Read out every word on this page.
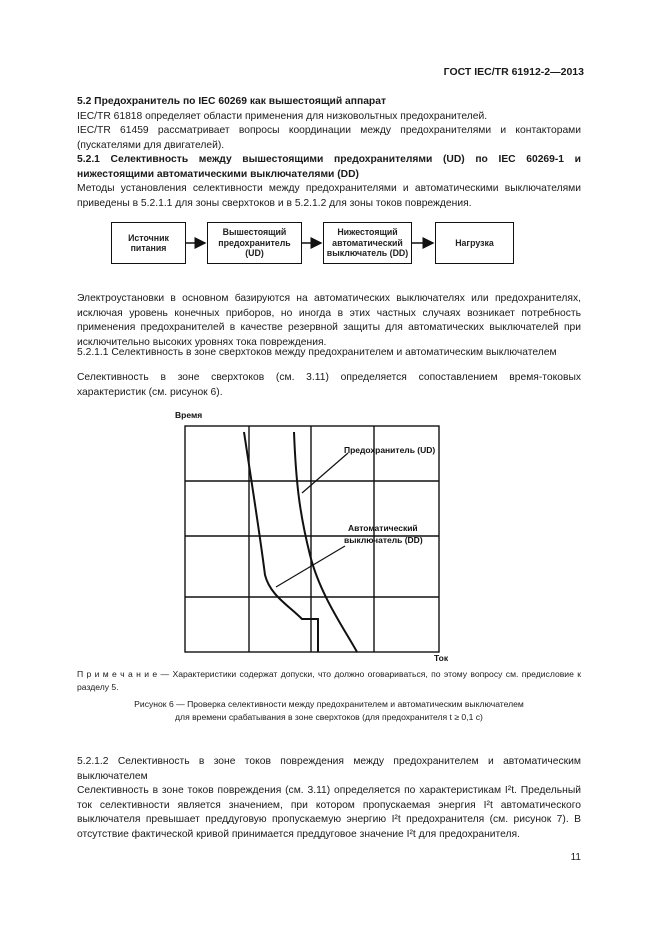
ГОСТ IEC/TR 61912-2—2013
5.2 Предохранитель по IEC 60269 как вышестоящий аппарат
IEC/TR 61818 определяет области применения для низковольтных предохранителей.
IEC/TR 61459 рассматривает вопросы координации между предохранителями и контакторами (пускателями для двигателей).
5.2.1 Селективность между вышестоящими предохранителями (UD) по IEC 60269-1 и нижестоящими автоматическими выключателями (DD)
Методы установления селективности между предохранителями и автоматическими выключателями приведены в 5.2.1.1 для зоны сверхтоков и в 5.2.1.2 для зоны токов повреждения.
Источник питания
Вышестоящий предохранитель (UD)
Нижестоящий автоматический выключатель (DD)
Нагрузка
Электроустановки в основном базируются на автоматических выключателях или предохранителях, исключая уровень конечных приборов, но иногда в этих частных случаях возникает потребность применения предохранителей в качестве резервной защиты для автоматических выключателей при исключительно высоких уровнях тока повреждения.
5.2.1.1 Селективность в зоне сверхтоков между предохранителем и автоматическим выключателем
Селективность в зоне сверхтоков (см. 3.11) определяется сопоставлением время-токовых характеристик (см. рисунок 6).
Время
Предохранитель (UD)
Автоматический
выключатель (DD)
Ток
П р и м е ч а н и е — Характеристики содержат допуски, что должно оговариваться, по этому вопросу см. предисловие к разделу 5.
Рисунок 6 — Проверка селективности между предохранителем и автоматическим выключателем
для времени срабатывания в зоне сверхтоков (для предохранителя t ≥ 0,1 с)
5.2.1.2 Селективность в зоне токов повреждения между предохранителем и автоматическим выключателем
Селективность в зоне токов повреждения (см. 3.11) определяется по характеристикам I²t. Предельный ток селективности является значением, при котором пропускаемая энергия I²t автоматического выключателя превышает преддуговую пропускаемую энергию I²t предохранителя (см. рисунок 7). В отсутствие фактической кривой принимается преддуговое значение I²t для предохранителя.
11
